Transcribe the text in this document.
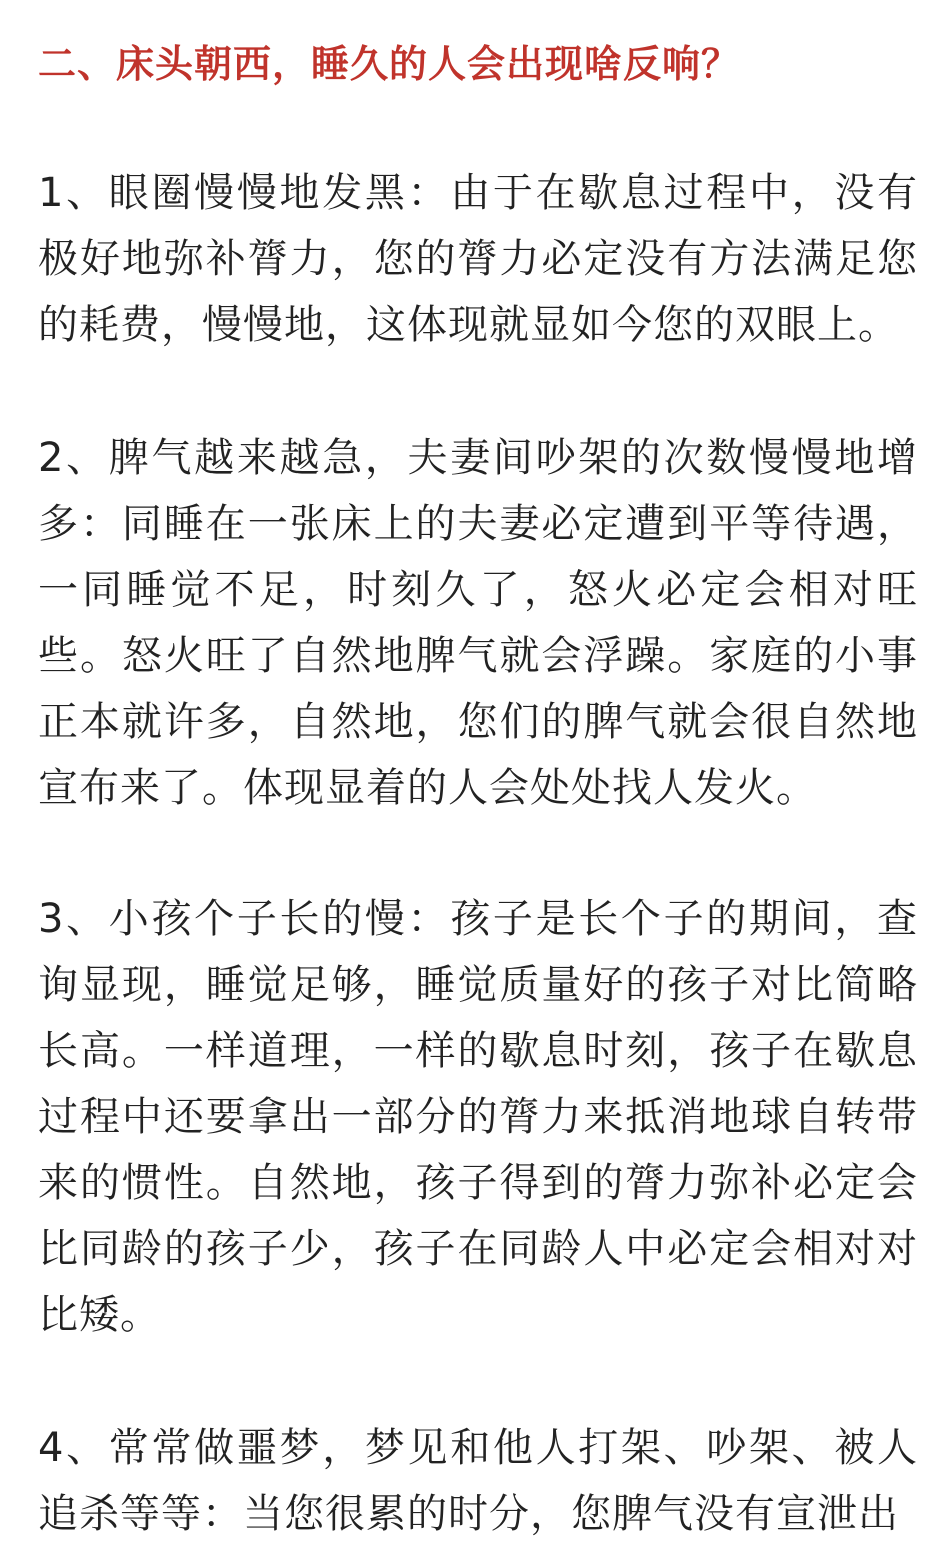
二、床头朝西，睡久的人会出现啥反响？

1、眼圈慢慢地发黑：由于在歇息过程中，没有极好地弥补膂力，您的膂力必定没有方法满足您的耗费，慢慢地，这体现就显如今您的双眼上。

2、脾气越来越急，夫妻间吵架的次数慢慢地增多：同睡在一张床上的夫妻必定遭到平等待遇，一同睡觉不足，时刻久了，怒火必定会相对旺些。怒火旺了自然地脾气就会浮躁。家庭的小事正本就许多，自然地，您们的脾气就会很自然地宣布来了。体现显着的人会处处找人发火。

3、小孩个子长的慢：孩子是长个子的期间，查询显现，睡觉足够，睡觉质量好的孩子对比简略长高。一样道理，一样的歇息时刻，孩子在歇息过程中还要拿出一部分的膂力来抵消地球自转带来的惯性。自然地，孩子得到的膂力弥补必定会比同龄的孩子少，孩子在同龄人中必定会相对对比矮。

4、常常做噩梦，梦见和他人打架、吵架、被人追杀等等：当您很累的时分，您脾气没有宣泄出
